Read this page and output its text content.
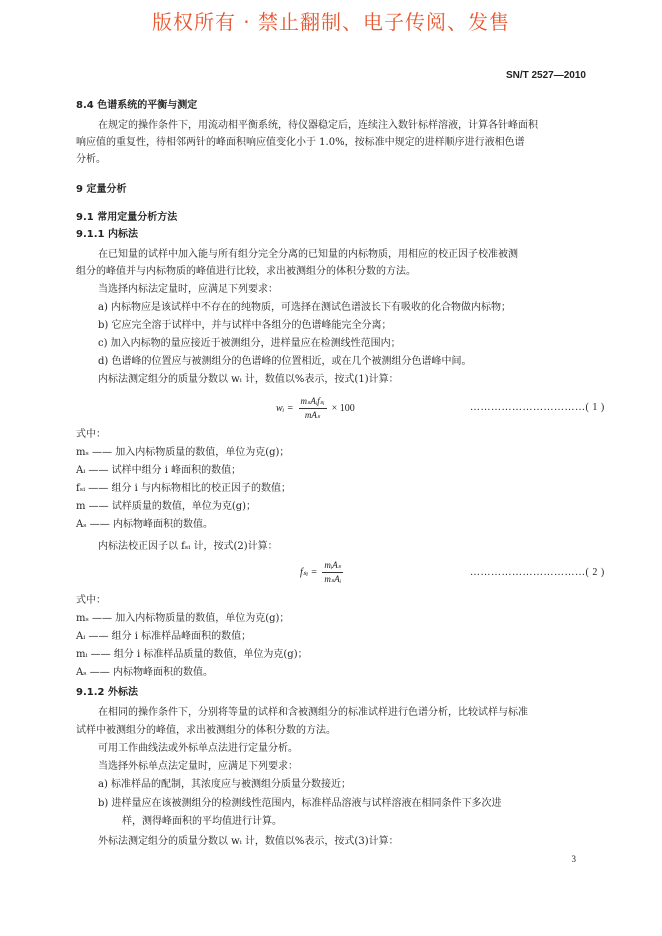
版权所有 · 禁止翻制、电子传阅、发售
SN/T 2527—2010
8.4 色谱系统的平衡与测定
在规定的操作条件下，用流动相平衡系统，待仪器稳定后，连续注入数针标样溶液，计算各针峰面积
响应值的重复性，待相邻两针的峰面积响应值变化小于 1.0%，按标准中规定的进样顺序进行液相色谱
分析。
9 定量分析
9.1 常用定量分析方法
9.1.1 内标法
在已知量的试样中加入能与所有组分完全分离的已知量的内标物质，用相应的校正因子校准被测
组分的峰值并与内标物质的峰值进行比较，求出被测组分的体积分数的方法。
当选择内标法定量时，应满足下列要求：
a) 内标物应是该试样中不存在的纯物质，可选择在测试色谱波长下有吸收的化合物做内标物；
b) 它应完全溶于试样中，并与试样中各组分的色谱峰能完全分离；
c) 加入内标物的量应接近于被测组分，进样量应在检测线性范围内；
d) 色谱峰的位置应与被测组分的色谱峰的位置相近，或在几个被测组分色谱峰中间。
内标法测定组分的质量分数以 wᵢ 计，数值以%表示，按式(1)计算：
wᵢ = $\frac{\text{mₛAᵢfₛᵢ}}{\text{mAₛ}} \times 100$	……………………………( 1 )
式中：
mₛ —— 加入内标物质量的数值，单位为克(g)；
Aᵢ —— 试样中组分 i 峰面积的数值；
fₛᵢ —— 组分 i 与内标物相比的校正因子的数值；
m —— 试样质量的数值，单位为克(g)；
Aₛ —— 内标物峰面积的数值。
内标法校正因子以 fₛᵢ 计，按式(2)计算：
fₛᵢ = $\frac{\text{mᵢAₛ}}{\text{mₛAᵢ}}$	……………………………( 2 )
式中：
mₛ —— 加入内标物质量的数值，单位为克(g)；
Aᵢ —— 组分 i 标准样品峰面积的数值；
mᵢ —— 组分 i 标准样品质量的数值，单位为克(g)；
Aₛ —— 内标物峰面积的数值。
9.1.2 外标法
在相同的操作条件下，分别将等量的试样和含被测组分的标准试样进行色谱分析，比较试样与标准
试样中被测组分的峰值，求出被测组分的体积分数的方法。
可用工作曲线法或外标单点法进行定量分析。
当选择外标单点法定量时，应满足下列要求：
a) 标准样品的配制，其浓度应与被测组分质量分数接近；
b) 进样量应在该被测组分的检测线性范围内，标准样品溶液与试样溶液在相同条件下多次进
样，测得峰面积的平均值进行计算。
外标法测定组分的质量分数以 wᵢ 计，数值以%表示，按式(3)计算：
3
